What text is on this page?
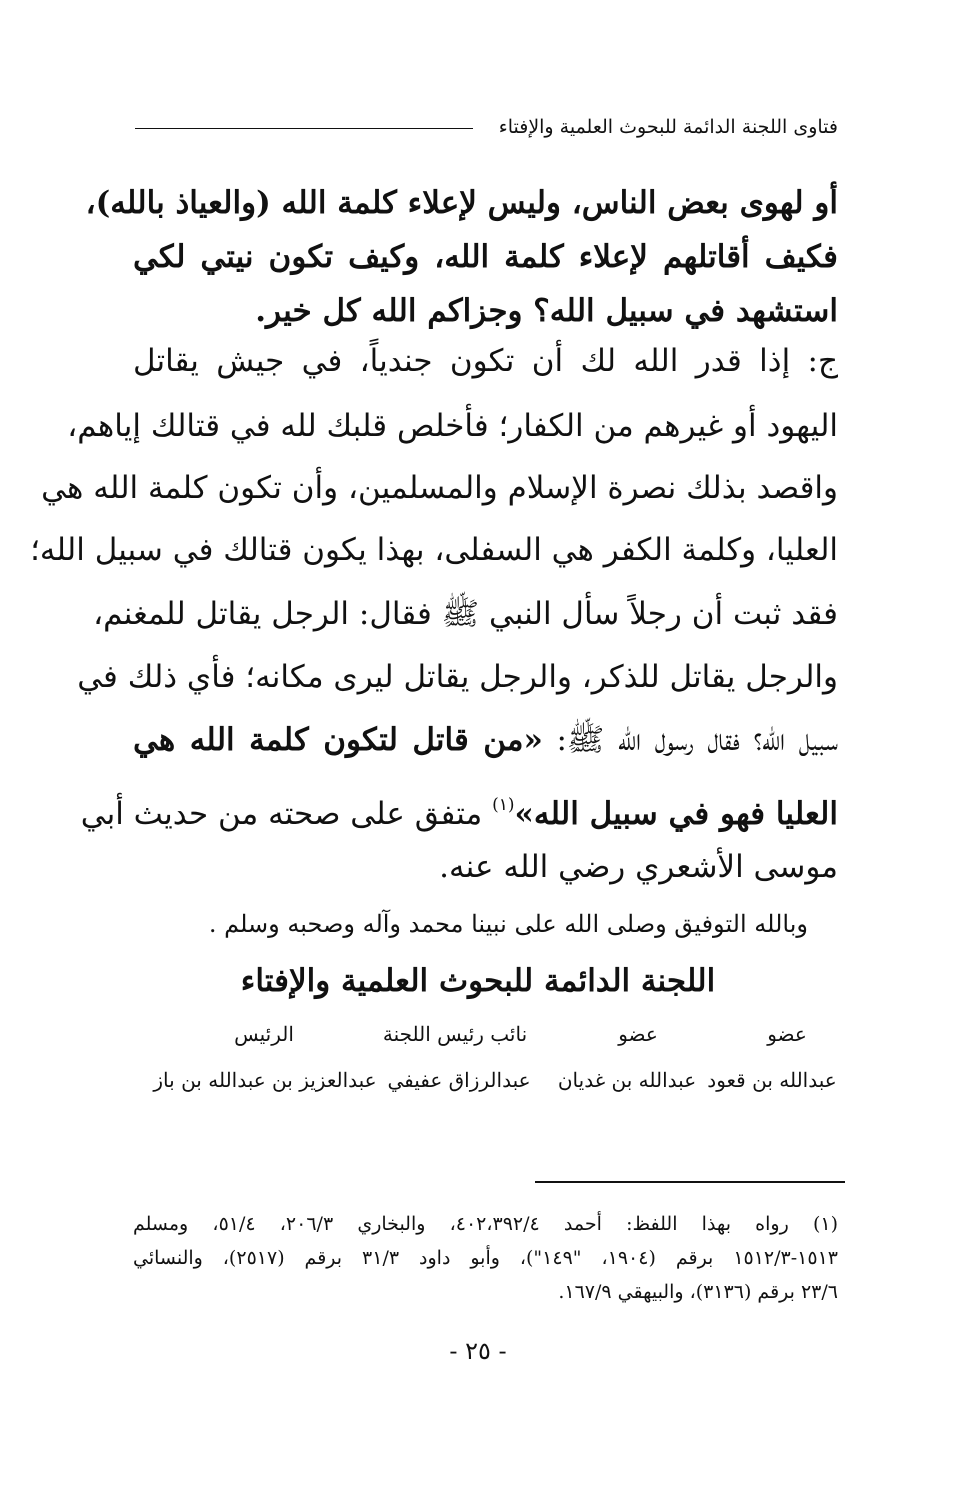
فتاوى اللجنة الدائمة للبحوث العلمية والإفتاء
أو لهوى بعض الناس، وليس لإعلاء كلمة الله (والعياذ بالله)،
فكيف أقاتلهم لإعلاء كلمة الله، وكيف تكون نيتي لكي
استشهد في سبيل الله؟ وجزاكم الله كل خير.
ج: إذا قدر الله لك أن تكون جندياً، في جيش يقاتل
اليهود أو غيرهم من الكفار؛ فأخلص قلبك لله في قتالك إياهم،
واقصد بذلك نصرة الإسلام والمسلمين، وأن تكون كلمة الله هي
العليا، وكلمة الكفر هي السفلى، بهذا يكون قتالك في سبيل الله؛
فقد ثبت أن رجلاً سأل النبي ﷺ فقال: الرجل يقاتل للمغنم،
والرجل يقاتل للذكر، والرجل يقاتل ليرى مكانه؛ فأي ذلك في
سبيل الله؟ فقال رسول الله ﷺ: «من قاتل لتكون كلمة الله هي
العليا فهو في سبيل الله»$^{(١)}$ متفق على صحته من حديث أبي
موسى الأشعري رضي الله عنه.
وبالله التوفيق وصلى الله على نبينا محمد وآله وصحبه وسلم .
اللجنة الدائمة للبحوث العلمية والإفتاء
عضو
عضو
نائب رئيس اللجنة
الرئيس
عبدالله بن قعود
عبدالله بن غديان
عبدالرزاق عفيفي
عبدالعزيز بن عبدالله بن باز
(١) رواه بهذا اللفظ: أحمد ٤٠٢،٣٩٢/٤، والبخاري ٢٠٦/٣، ٥١/٤، ومسلم
١٥١٣-١٥١٢/٣ برقم (١٩٠٤، "١٤٩")، وأبو داود ٣١/٣ برقم (٢٥١٧)، والنسائي
٢٣/٦ برقم (٣١٣٦)، والبيهقي ١٦٧/٩.
- ٢٥ -
